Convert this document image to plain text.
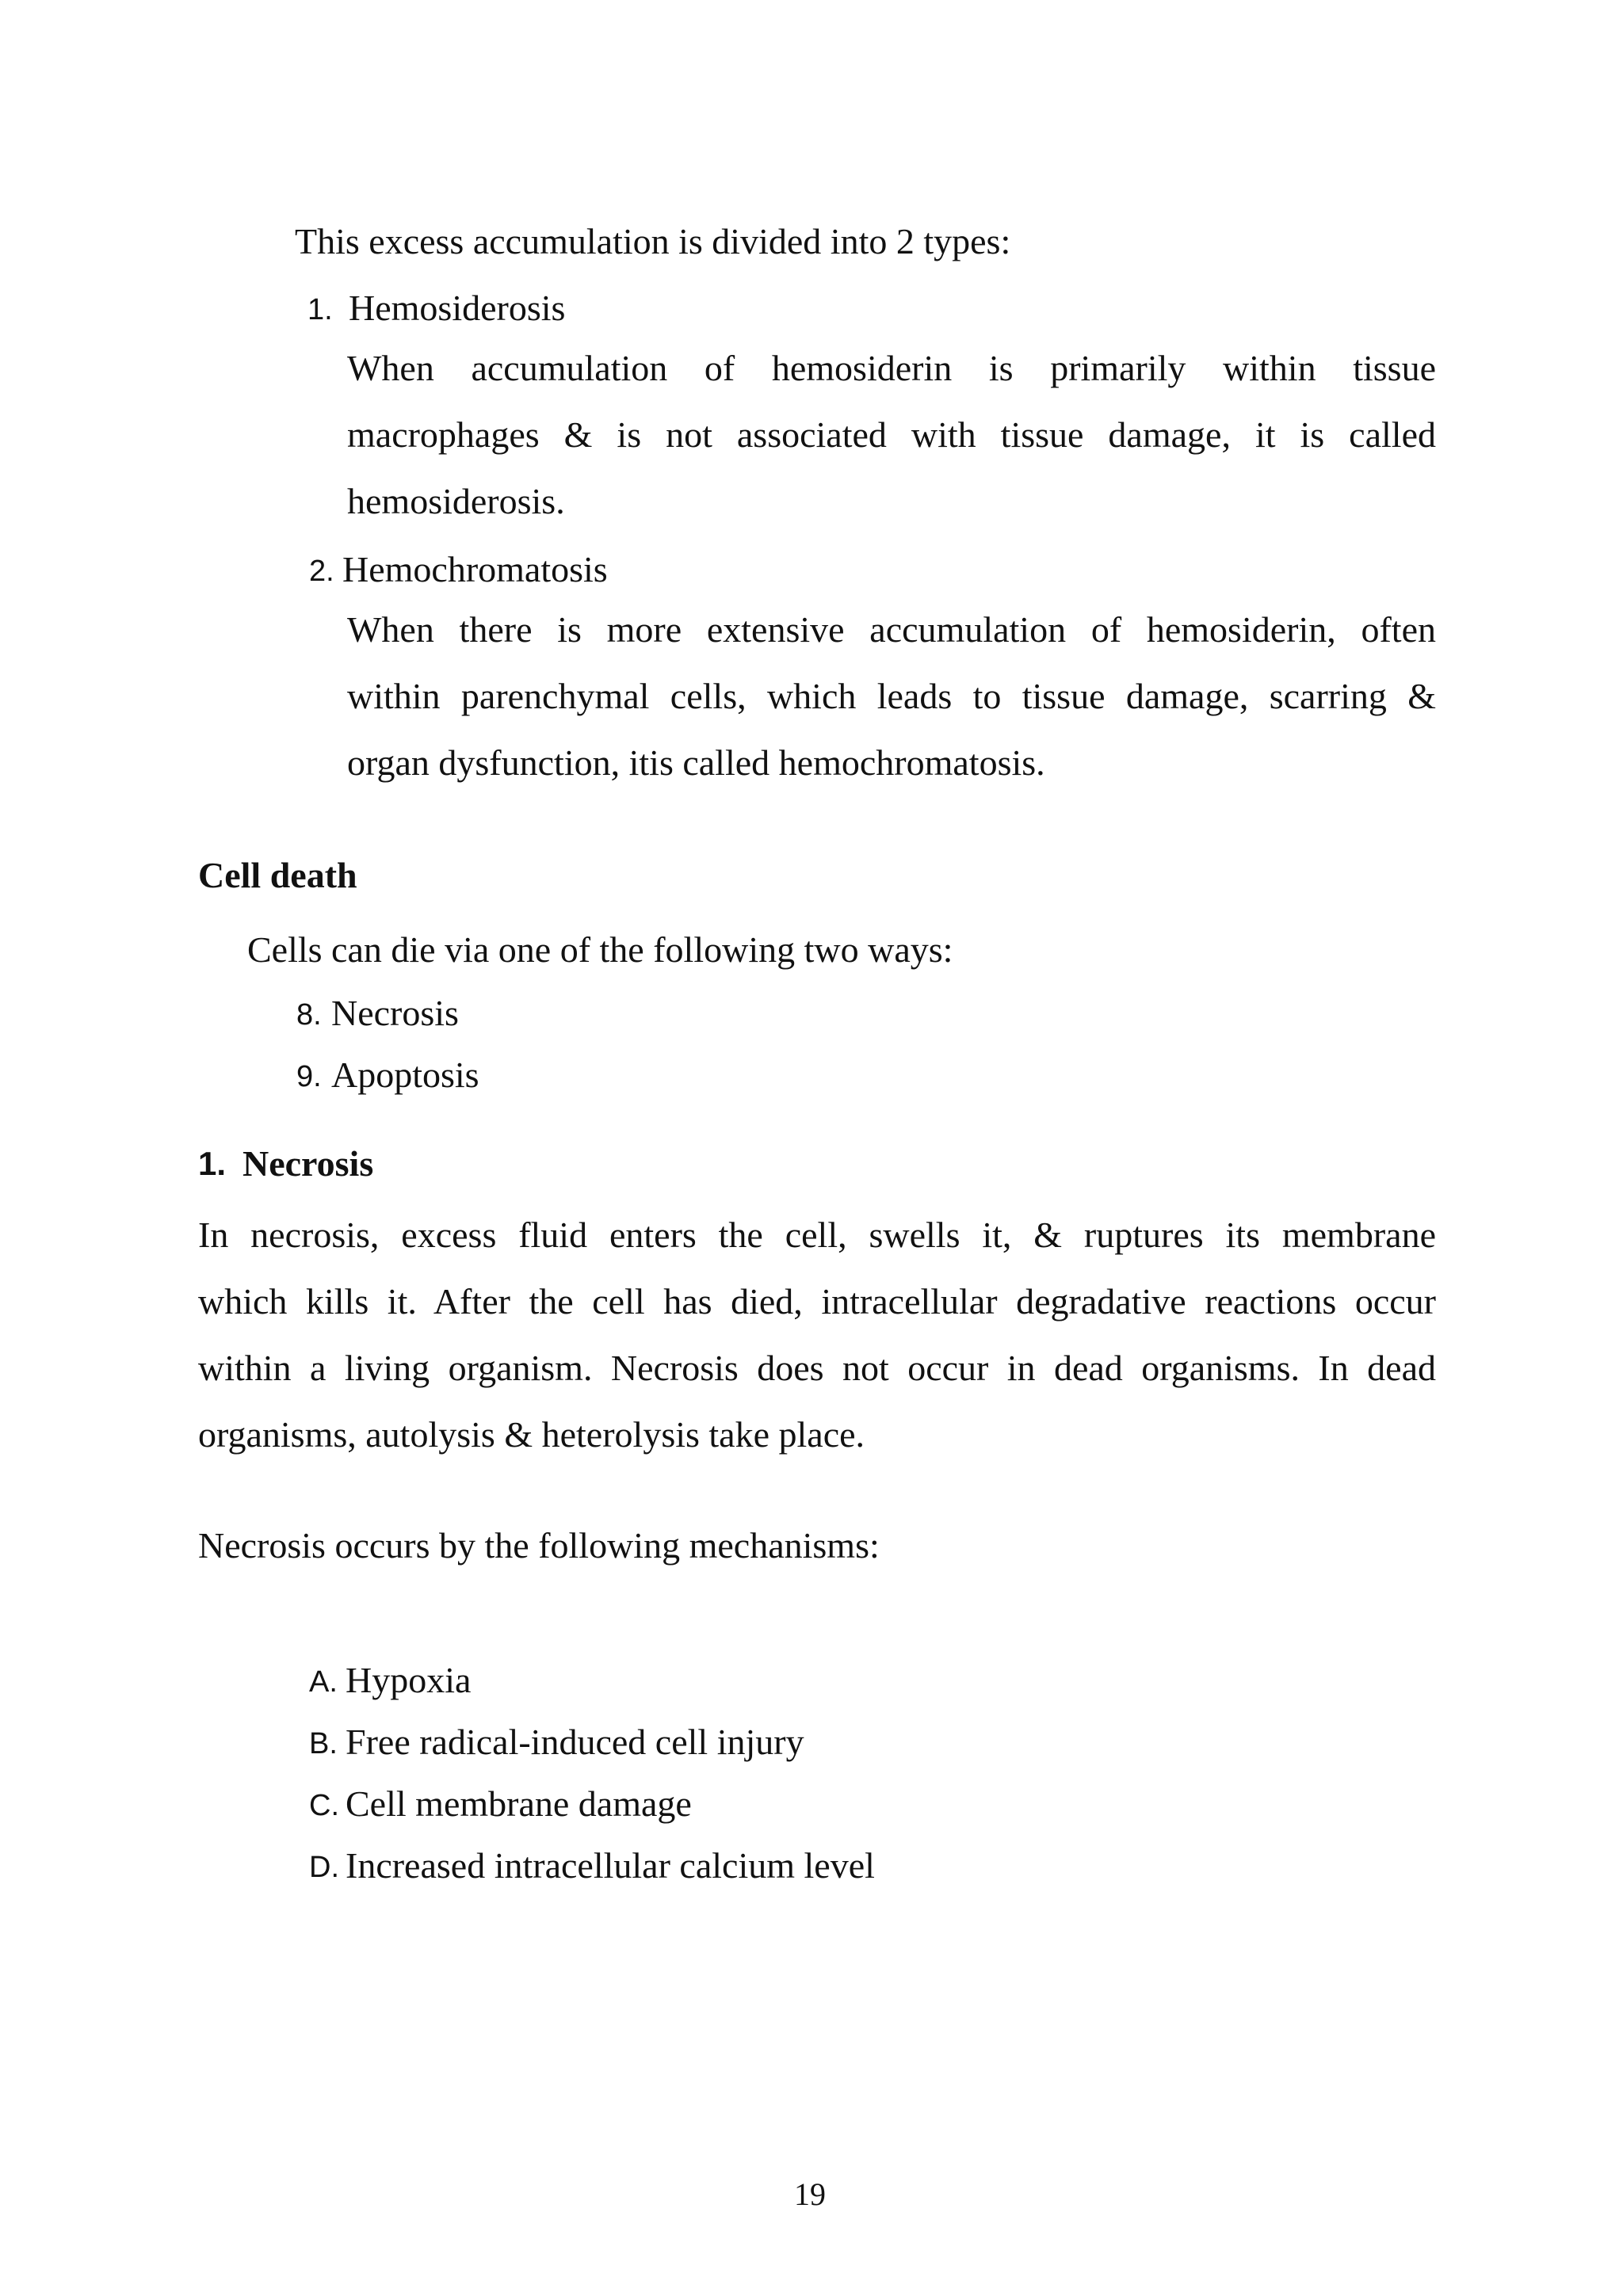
This excess accumulation is divided into 2 types:
1. Hemosiderosis
When accumulation of hemosiderin is primarily within tissue
macrophages & is not associated with tissue damage, it is called
hemosiderosis.
2. Hemochromatosis
When there is more extensive accumulation of hemosiderin, often
within parenchymal cells, which leads to tissue damage, scarring &
organ dysfunction, itis called hemochromatosis.
Cell death
Cells can die via one of the following two ways:
8. Necrosis
9. Apoptosis
1. Necrosis
In necrosis, excess fluid enters the cell, swells it, & ruptures its membrane
which kills it. After the cell has died, intracellular degradative reactions occur
within a living organism. Necrosis does not occur in dead organisms. In dead
organisms, autolysis & heterolysis take place.
Necrosis occurs by the following mechanisms:
A. Hypoxia
B. Free radical-induced cell injury
C. Cell membrane damage
D. Increased intracellular calcium level
19
